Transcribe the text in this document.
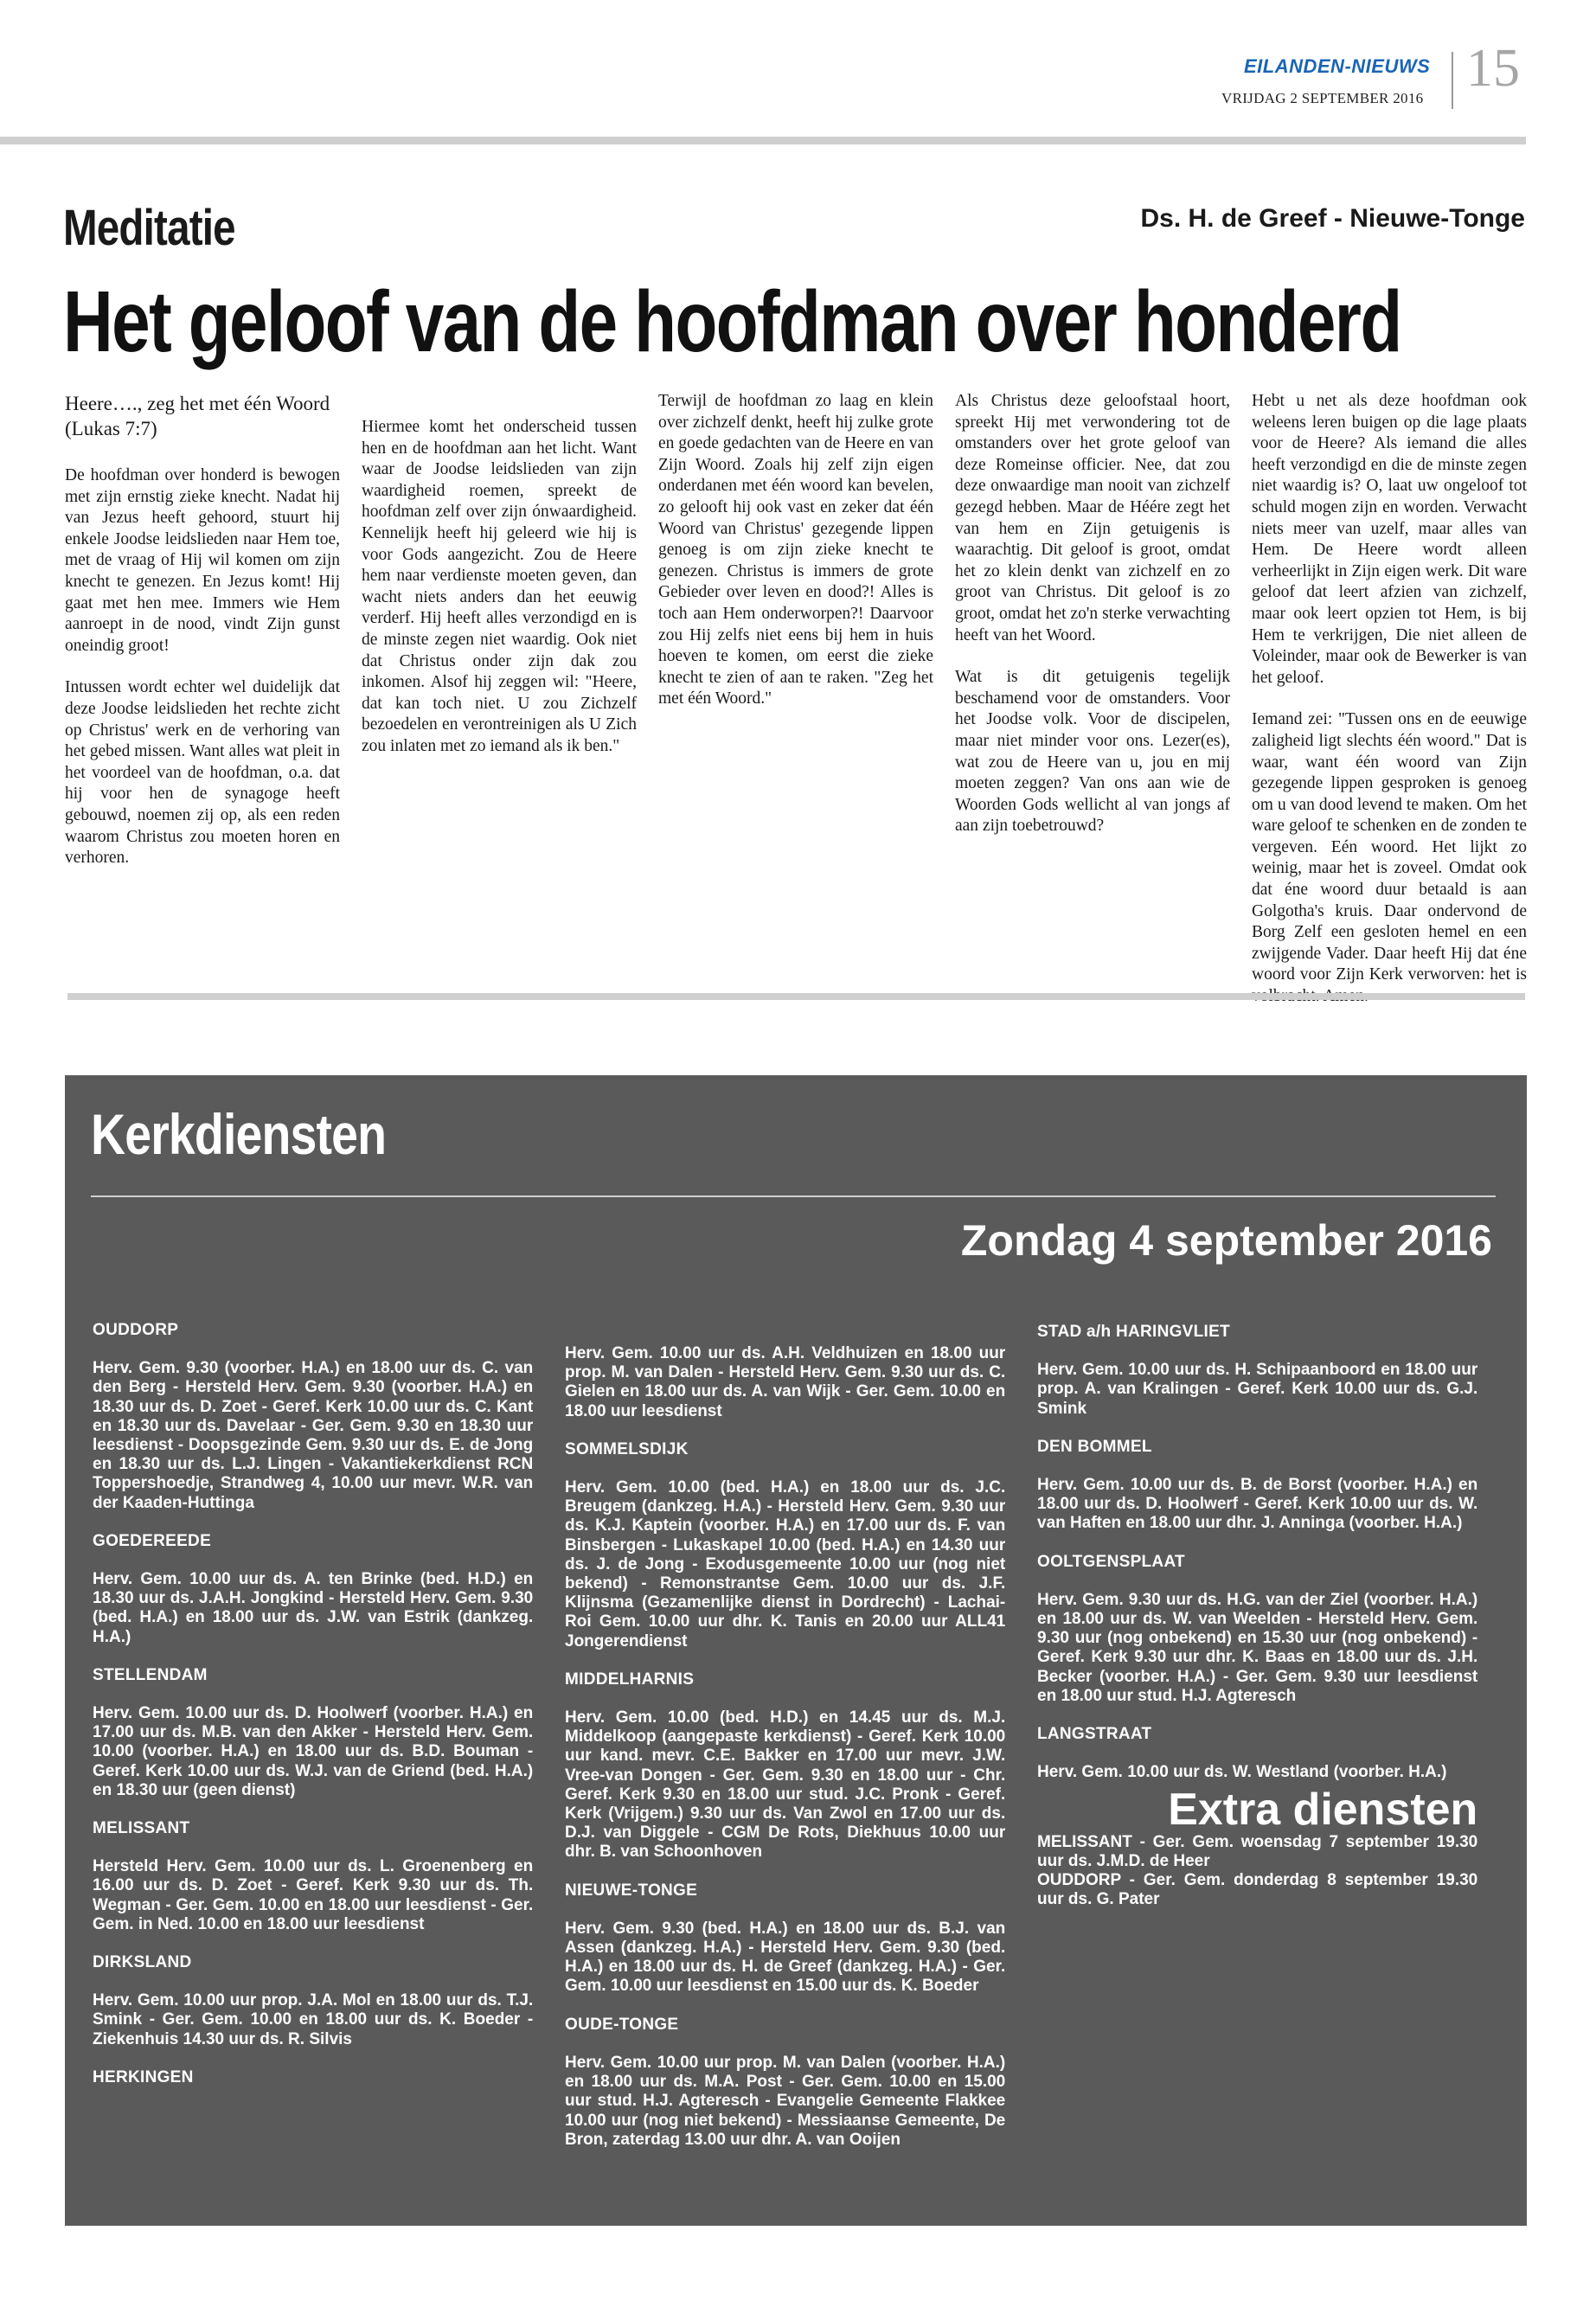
EILANDEN-NIEUWS
VRIJDAG 2 SEPTEMBER 2016
15
Meditatie	Ds. H. de Greef - Nieuwe-Tonge
Het geloof van de hoofdman over honderd

Heere…., zeg het met één Woord (Lukas 7:7)

De hoofdman over honderd is bewogen met zijn ernstig zieke knecht. Nadat hij van Jezus heeft gehoord, stuurt hij enkele Joodse leidslieden naar Hem toe, met de vraag of Hij wil komen om zijn knecht te genezen. En Jezus komt! Hij gaat met hen mee. Immers wie Hem aanroept in de nood, vindt Zijn gunst oneindig groot!

Intussen wordt echter wel duidelijk dat deze Joodse leidslieden het rechte zicht op Christus' werk en de verhoring van het gebed missen. Want alles wat pleit in het voordeel van de hoofdman, o.a. dat hij voor hen de synagoge heeft gebouwd, noemen zij op, als een reden waarom Christus zou moeten horen en verhoren.

Hiermee komt het onderscheid tussen hen en de hoofdman aan het licht. Want waar de Joodse leidslieden van zijn waardigheid roemen, spreekt de hoofdman zelf over zijn ónwaardigheid. Kennelijk heeft hij geleerd wie hij is voor Gods aangezicht. Zou de Heere hem naar verdienste moeten geven, dan wacht niets anders dan het eeuwig verderf. Hij heeft alles verzondigd en is de minste zegen niet waardig. Ook niet dat Christus onder zijn dak zou inkomen. Alsof hij zeggen wil: "Heere, dat kan toch niet. U zou Zichzelf bezoedelen en verontreinigen als U Zich zou inlaten met zo iemand als ik ben."

Terwijl de hoofdman zo laag en klein over zichzelf denkt, heeft hij zulke grote en goede gedachten van de Heere en van Zijn Woord. Zoals hij zelf zijn eigen onderdanen met één woord kan bevelen, zo gelooft hij ook vast en zeker dat één Woord van Christus' gezegende lippen genoeg is om zijn zieke knecht te genezen. Christus is immers de grote Gebieder over leven en dood?! Alles is toch aan Hem onderworpen?! Daarvoor zou Hij zelfs niet eens bij hem in huis hoeven te komen, om eerst die zieke knecht te zien of aan te raken. "Zeg het met één Woord."

Als Christus deze geloofstaal hoort, spreekt Hij met verwondering tot de omstanders over het grote geloof van deze Romeinse officier. Nee, dat zou deze onwaardige man nooit van zichzelf gezegd hebben. Maar de Héére zegt het van hem en Zijn getuigenis is waarachtig. Dit geloof is groot, omdat het zo klein denkt van zichzelf en zo groot van Christus. Dit geloof is zo groot, omdat het zo'n sterke verwachting heeft van het Woord.

Wat is dit getuigenis tegelijk beschamend voor de omstanders. Voor het Joodse volk. Voor de discipelen, maar niet minder voor ons. Lezer(es), wat zou de Heere van u, jou en mij moeten zeggen? Van ons aan wie de Woorden Gods wellicht al van jongs af aan zijn toebetrouwd?

Hebt u net als deze hoofdman ook weleens leren buigen op die lage plaats voor de Heere? Als iemand die alles heeft verzondigd en die de minste zegen niet waardig is? O, laat uw ongeloof tot schuld mogen zijn en worden. Verwacht niets meer van uzelf, maar alles van Hem. De Heere wordt alleen verheerlijkt in Zijn eigen werk. Dit ware geloof dat leert afzien van zichzelf, maar ook leert opzien tot Hem, is bij Hem te verkrijgen, Die niet alleen de Voleinder, maar ook de Bewerker is van het geloof.

Iemand zei: "Tussen ons en de eeuwige zaligheid ligt slechts één woord." Dat is waar, want één woord van Zijn gezegende lippen gesproken is genoeg om u van dood levend te maken. Om het ware geloof te schenken en de zonden te vergeven. Eén woord. Het lijkt zo weinig, maar het is zoveel. Omdat ook dat éne woord duur betaald is aan Golgotha's kruis. Daar ondervond de Borg Zelf een gesloten hemel en een zwijgende Vader. Daar heeft Hij dat éne woord voor Zijn Kerk verworven: het is

Kerkdiensten
Zondag 4 september 2016
OUDDORP

Herv. Gem. 9.30 (voorber. H.A.) en 18.00 uur ds. C. van den Berg - Hersteld Herv. Gem. 9.30 (voorber. H.A.) en 18.30 uur ds. D. Zoet - Geref. Kerk 10.00 uur ds. C. Kant en 18.30 uur ds. Davelaar - Ger. Gem. 9.30 en 18.30 uur leesdienst - Doopsgezinde Gem. 9.30 uur ds. E. de Jong en 18.30 uur ds. L.J. Lingen - Vakantiekerkdienst RCN Toppershoedje, Strandweg 4, 10.00 uur mevr. W.R. van der Kaaden-Huttinga

GOEDEREEDE

Herv. Gem. 10.00 uur ds. A. ten Brinke (bed. H.D.) en 18.30 uur ds. J.A.H. Jongkind - Hersteld Herv. Gem. 9.30 (bed. H.A.) en 18.00 uur ds. J.W. van Estrik (dankzeg. H.A.)

STELLENDAM

Herv. Gem. 10.00 uur ds. D. Hoolwerf (voorber. H.A.) en 17.00 uur ds. M.B. van den Akker - Hersteld Herv. Gem. 10.00 (voorber. H.A.) en 18.00 uur ds. B.D. Bouman - Geref. Kerk 10.00 uur ds. W.J. van de Griend (bed. H.A.) en 18.30 uur (geen dienst)

MELISSANT

Hersteld Herv. Gem. 10.00 uur ds. L. Groenenberg en 16.00 uur ds. D. Zoet - Geref. Kerk 9.30 uur ds. Th. Wegman - Ger. Gem. 10.00 en 18.00 uur leesdienst - Ger. Gem. in Ned. 10.00 en 18.00 uur leesdienst

DIRKSLAND

Herv. Gem. 10.00 uur prop. J.A. Mol en 18.00 uur ds. T.J. Smink - Ger. Gem. 10.00 en 18.00 uur ds. K. Boeder - Ziekenhuis 14.30 uur ds. R. Silvis

HERKINGEN

Herv. Gem. 10.00 uur ds. A.H. Veldhuizen en 18.00 uur prop. M. van Dalen - Hersteld Herv. Gem. 9.30 uur ds. C. Gielen en 18.00 uur ds. A. van Wijk - Ger. Gem. 10.00 en 18.00 uur leesdienst

SOMMELSDIJK

Herv. Gem. 10.00 (bed. H.A.) en 18.00 uur ds. J.C. Breugem (dankzeg. H.A.) - Hersteld Herv. Gem. 9.30 uur ds. K.J. Kaptein (voorber. H.A.) en 17.00 uur ds. F. van Binsbergen - Lukaskapel 10.00 (bed. H.A.) en 14.30 uur ds. J. de Jong - Exodusgemeente 10.00 uur (nog niet bekend) - Remonstrantse Gem. 10.00 uur ds. J.F. Klijnsma (Gezamenlijke dienst in Dordrecht) - Lachai-Roi Gem. 10.00 uur dhr. K. Tanis en 20.00 uur ALL41 Jongerendienst

MIDDELHARNIS

Herv. Gem. 10.00 (bed. H.D.) en 14.45 uur ds. M.J. Middelkoop (aangepaste kerkdienst) - Geref. Kerk 10.00 uur kand. mevr. C.E. Bakker en 17.00 uur mevr. J.W. Vree-van Dongen - Ger. Gem. 9.30 en 18.00 uur - Chr. Geref. Kerk 9.30 en 18.00 uur stud. J.C. Pronk - Geref. Kerk (Vrijgem.) 9.30 uur ds. Van Zwol en 17.00 uur ds. D.J. van Diggele - CGM De Rots, Diekhuus 10.00 uur dhr. B. van Schoonhoven

NIEUWE-TONGE

Herv. Gem. 9.30 (bed. H.A.) en 18.00 uur ds. B.J. van Assen (dankzeg. H.A.) - Hersteld Herv. Gem. 9.30 (bed. H.A.) en 18.00 uur ds. H. de Greef (dankzeg. H.A.) - Ger. Gem. 10.00 uur leesdienst en 15.00 uur ds. K. Boeder

OUDE-TONGE

Herv. Gem. 10.00 uur prop. M. van Dalen (voorber. H.A.) en 18.00 uur ds. M.A. Post - Ger. Gem. 10.00 en 15.00 uur stud. H.J. Agteresch - Evangelie Gemeente Flakkee 10.00 uur (nog niet bekend) - Messiaanse Gemeente, De Bron, zaterdag 13.00 uur dhr. A. van Ooijen

STAD a/h HARINGVLIET

Herv. Gem. 10.00 uur ds. H. Schipaanboord en 18.00 uur prop. A. van Kralingen - Geref. Kerk 10.00 uur ds. G.J. Smink

DEN BOMMEL

Herv. Gem. 10.00 uur ds. B. de Borst (voorber. H.A.) en 18.00 uur ds. D. Hoolwerf - Geref. Kerk 10.00 uur ds. W. van Haften en 18.00 uur dhr. J. Anninga (voorber. H.A.)

OOLTGENSPLAAT

Herv. Gem. 9.30 uur ds. H.G. van der Ziel (voorber. H.A.) en 18.00 uur ds. W. van Weelden - Hersteld Herv. Gem. 9.30 uur (nog onbekend) en 15.30 uur (nog onbekend) - Geref. Kerk 9.30 uur dhr. K. Baas en 18.00 uur ds. J.H. Becker (voorber. H.A.) - Ger. Gem. 9.30 uur leesdienst en 18.00 uur stud. H.J. Agteresch

LANGSTRAAT

Herv. Gem. 10.00 uur ds. W. Westland (voorber. H.A.)

Extra diensten

MELISSANT - Ger. Gem. woensdag 7 september 19.30 uur ds. J.M.D. de Heer

OUDDORP - Ger. Gem. donderdag 8 september 19.30 uur ds. G. Pater
